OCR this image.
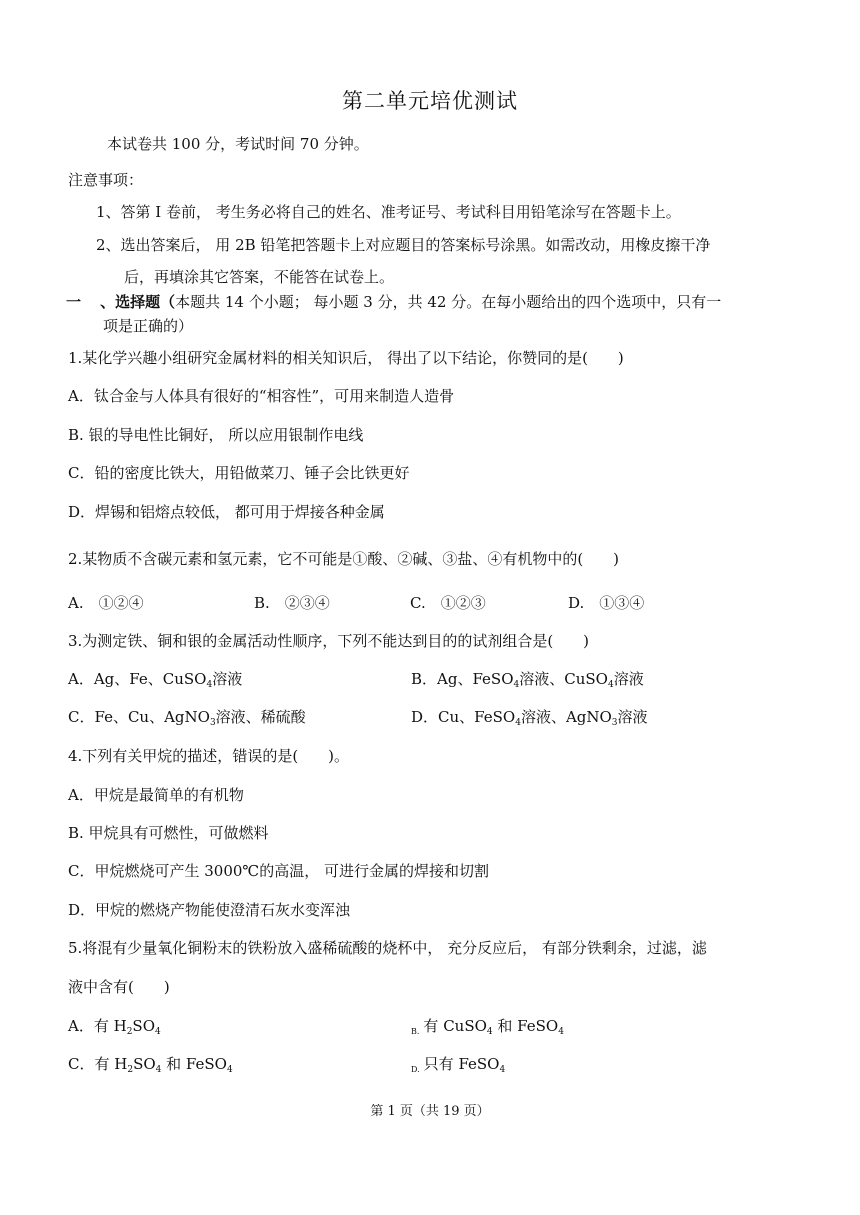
第二单元培优测试
本试卷共 100 分，考试时间 70 分钟。
注意事项：
1、答第 I 卷前， 考生务必将自己的姓名、准考证号、考试科目用铅笔涂写在答题卡上。
2、选出答案后， 用 2B 铅笔把答题卡上对应题目的答案标号涂黑。如需改动，用橡皮擦干净
后，再填涂其它答案，不能答在试卷上。
一 、选择题（本题共 14 个小题； 每小题 3 分，共 42 分。在每小题给出的四个选项中，只有一
项是正确的）
1.某化学兴趣小组研究金属材料的相关知识后， 得出了以下结论，你赞同的是(　　)
A．钛合金与人体具有很好的“相容性”，可用来制造人造骨
B. 银的导电性比铜好， 所以应用银制作电线
C．铅的密度比铁大，用铅做菜刀、锤子会比铁更好
D．焊锡和铝熔点较低， 都可用于焊接各种金属
2.某物质不含碳元素和氢元素，它不可能是①酸、②碱、③盐、④有机物中的(　　)
A.　①②④	B.　②③④	C.　①②③	D.　①③④
3.为测定铁、铜和银的金属活动性顺序，下列不能达到目的的试剂组合是(　　)
A．Ag、Fe、CuSO$_4$溶液	B．Ag、FeSO$_4$溶液、CuSO$_4$溶液
C．Fe、Cu、AgNO$_3$溶液、稀硫酸	D．Cu、FeSO$_4$溶液、AgNO$_3$溶液
4.下列有关甲烷的描述，错误的是(　　)。
A．甲烷是最简单的有机物
B. 甲烷具有可燃性，可做燃料
C．甲烷燃烧可产生 3000℃的高温， 可进行金属的焊接和切割
D．甲烷的燃烧产物能使澄清石灰水变浑浊
5.将混有少量氧化铜粉末的铁粉放入盛稀硫酸的烧杯中， 充分反应后， 有部分铁剩余，过滤，滤
液中含有(　　)
A．有 $H_2SO_4$	$_{B.}$ 有 CuSO$_4$ 和 FeSO$_4$
C．有 $H_2SO_4$ 和 FeSO$_4$	$_{D.}$ 只有 FeSO$_4$
第 1 页（共 19 页）
